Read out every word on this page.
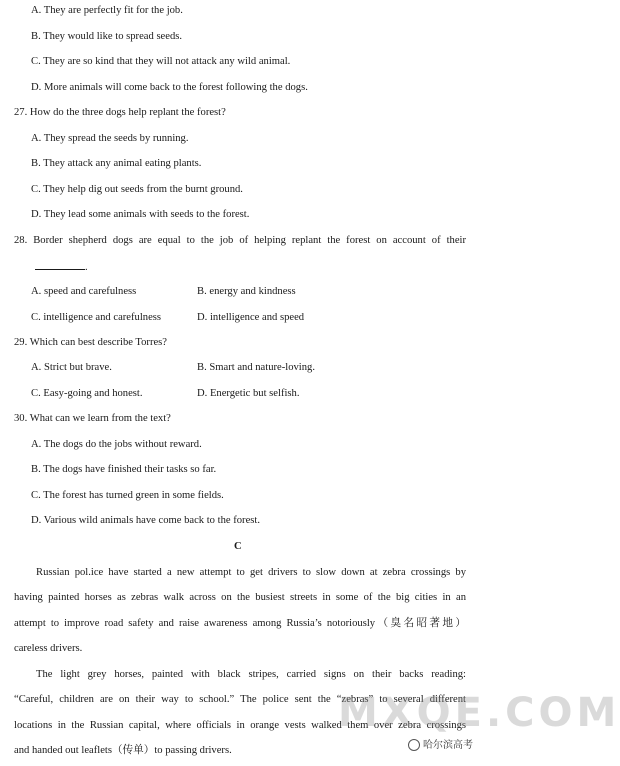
A. They are perfectly fit for the job.
B. They would like to spread seeds.
C. They are so kind that they will not attack any wild animal.
D. More animals will come back to the forest following the dogs.
27. How do the three dogs help replant the forest?
A. They spread the seeds by running.
B. They attack any animal eating plants.
C. They help dig out seeds from the burnt ground.
D. They lead some animals with seeds to the forest.
28. Border shepherd dogs are equal to the job of helping replant the forest on account of their
.
A. speed and carefulness	B. energy and kindness
C. intelligence and carefulness	D. intelligence and speed
29. Which can best describe Torres?
A. Strict but brave.	B. Smart and nature-loving.
C. Easy-going and honest.	D. Energetic but selfish.
30. What can we learn from the text?
A. The dogs do the jobs without reward.
B. The dogs have finished their tasks so far.
C. The forest has turned green in some fields.
D. Various wild animals have come back to the forest.
C
Russian pol.ice have started a new attempt to get drivers to slow down at zebra crossings by
having painted horses as zebras walk across on the busiest streets in some of the big cities in an
attempt to improve road safety and raise awareness among Russia’s notoriously（臭名昭著地）
careless drivers.
The light grey horses, painted with black stripes, carried signs on their backs reading:
“Careful, children are on their way to school.” The police sent the “zebras” to several different
locations in the Russian capital, where officials in orange vests walked them over zebra crossings
and handed out leaflets（传单）to passing drivers.
MXQE.COM
哈尔滨高考
